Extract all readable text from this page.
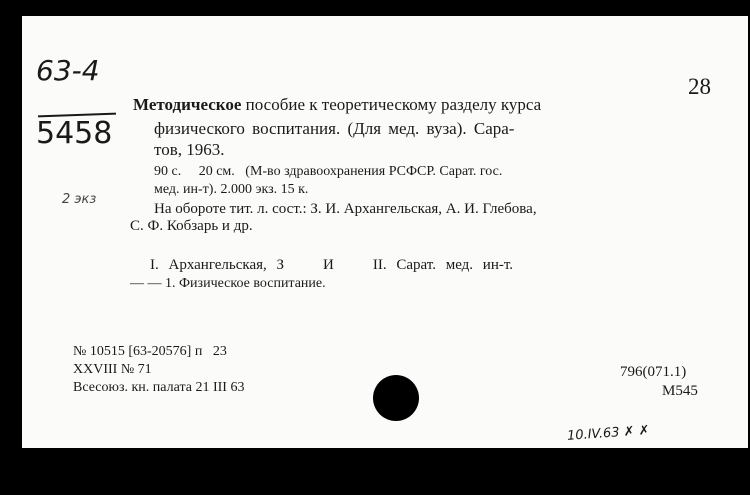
63-4
5458
2 экз
28
Методическое пособие к теоретическому разделу курса
физического воспитания. (Для мед. вуза). Сара-
тов, 1963.
90 с.     20 см.   (М-во здравоохранения РСФСР. Сарат. гос.
мед. ин-т). 2.000 экз. 15 к.
На обороте тит. л. сост.: З. И. Архангельская, А. И. Глебова,
С. Ф. Кобзарь и др.
I. Архангельская, З    И    II. Сарат. мед. ин-т.
— — 1. Физическое воспитание.
№ 10515 [63-20576] п   23
XXVIII № 71
Всесоюз. кн. палата 21 III 63
796(071.1)
М545
10.IV.63 ✗ ✗
